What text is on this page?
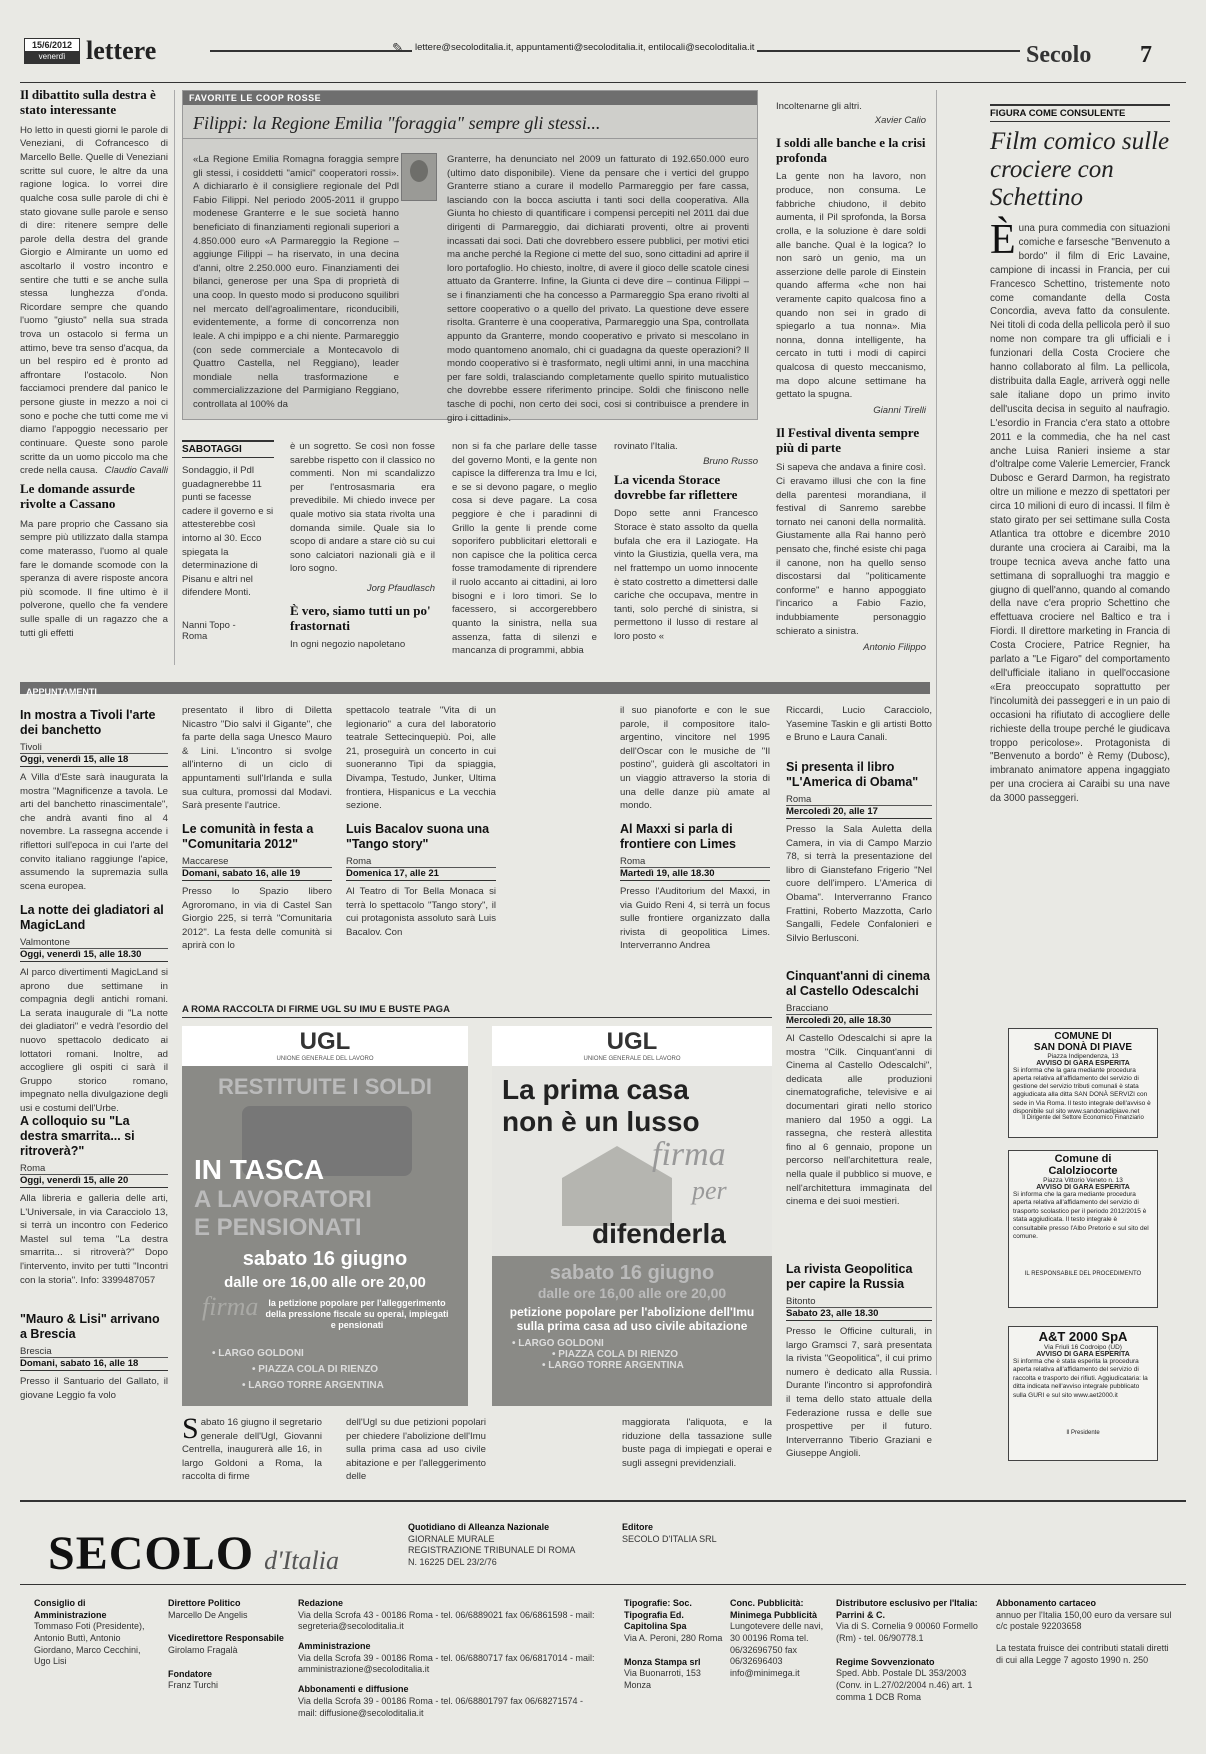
15/6/2012
venerdì lettere	✎	lettere@secoloditalia.it, appuntamenti@secoloditalia.it, entilocali@secoloditalia.it	Secolo 7
Il dibattito sulla destra è stato interessante
Ho letto in questi giorni le parole di Veneziani, di Cofrancesco di Marcello Belle. Quelle di Veneziani scritte sul cuore, le altre da una ragione logica. Io vorrei dire qualche cosa sulle parole di chi è stato giovane sulle parole e senso di dire: ritenere sempre delle parole della destra del grande Giorgio e Almirante un uomo ed ascoltarlo il vostro incontro e sentire che tutti e se anche sulla stessa lunghezza d'onda. Ricordare sempre che quando l'uomo "giusto" nella sua strada trova un ostacolo si ferma un attimo, beve tra senso d'acqua, da un bel respiro ed è pronto ad affrontare l'ostacolo. Non facciamoci prendere dal panico le persone giuste in mezzo a noi ci sono e poche che tutti come me vi diamo l'appoggio necessario per continuare. Queste sono parole scritte da un uomo piccolo ma che crede nella causa. Claudio Cavalli
Le domande assurde rivolte a Cassano
Ma pare proprio che Cassano sia sempre più utilizzato dalla stampa come materasso, l'uomo al quale fare le domande scomode con la speranza di avere risposte ancora più scomode. Il fine ultimo è il polverone, quello che fa vendere sulle spalle di un ragazzo che a tutti gli effetti
FAVORITE LE COOP ROSSE
Filippi: la Regione Emilia "foraggia" sempre gli stessi...
«La Regione Emilia Romagna foraggia sempre gli stessi, i cosiddetti "amici" cooperatori rossi». A dichiararlo è il consigliere regionale del Pdl Fabio Filippi. Nel periodo 2005-2011 il gruppo modenese Granterre e le sue società hanno beneficiato di finanziamenti regionali superiori a 4.850.000 euro «A Parmareggio la Regione – aggiunge Filippi – ha riservato, in una decina d'anni, oltre 2.250.000 euro. Finanziamenti dei bilanci, generose per una Spa di proprietà di una coop. In questo modo si producono squilibri nel mercato dell'agroalimentare, riconducibili, evidentemente, a forme di concorrenza non leale. A chi impippo e a chi niente. Parmareggio (con sede commerciale a Montecavolo di Quattro Castella, nel Reggiano), leader mondiale nella trasformazione e commercializzazione del Parmigiano Reggiano, controllata al 100% da
Granterre, ha denunciato nel 2009 un fatturato di 192.650.000 euro (ultimo dato disponibile). Viene da pensare che i vertici del gruppo Granterre stiano a curare il modello Parmareggio per fare cassa, lasciando con la bocca asciutta i tanti soci della cooperativa. Alla Giunta ho chiesto di quantificare i compensi percepiti nel 2011 dai due dirigenti di Parmareggio, dai dichiarati proventi, oltre ai proventi incassati dai soci. Dati che dovrebbero essere pubblici, per motivi etici ma anche perché la Regione ci mette del suo, sono cittadini ad aprire il loro portafoglio. Ho chiesto, inoltre, di avere il gioco delle scatole cinesi attuato da Granterre. Infine, la Giunta ci deve dire – continua Filippi – se i finanziamenti che ha concesso a Parmareggio Spa erano rivolti al settore cooperativo o a quello del privato. La questione deve essere risolta. Granterre è una cooperativa, Parmareggio una Spa, controllata appunto da Granterre, mondo cooperativo e privato si mescolano in modo quantomeno anomalo, chi ci guadagna da queste operazioni? Il mondo cooperativo si è trasformato, negli ultimi anni, in una macchina per fare soldi, tralasciando completamente quello spirito mutualistico che dovrebbe essere riferimento principe. Soldi che finiscono nelle tasche di pochi, non certo dei soci, cosi si contribuisce a prendere in giro i cittadini».
SABOTAGGI
Sondaggio, il Pdl guadagnerebbe 11 punti se facesse cadere il governo e si attesterebbe così intorno al 30. Ecco spiegata la determinazione di Pisanu e altri nel difendere Monti.
Nanni Topo - Roma
è un sogretto. Se così non fosse sarebbe rispetto con il classico no commenti. Non mi scandalizzo per l'entrosasmaria era prevedibile. Mi chiedo invece per quale motivo sia stata rivolta una domanda simile. Quale sia lo scopo di andare a stare ciò su cui sono calciatori nazionali già e il loro sogno.
Jorg Pfaudlasch
È vero, siamo tutti un po' frastornati
In ogni negozio napoletano
non si fa che parlare delle tasse del governo Monti, e la gente non capisce la differenza tra Imu e Ici, e se si devono pagare, o meglio cosa si deve pagare. La cosa peggiore è che i paradinni di Grillo la gente li prende come soporifero pubblicitari elettorali e non capisce che la politica cerca fosse tramodamente di riprendere il ruolo accanto ai cittadini, ai loro bisogni e i loro timori. Se lo facessero, si accorgerebbero quanto la sinistra, nella sua assenza, fatta di silenzi e mancanza di programmi, abbia
rovinato l'Italia.
Bruno Russo
La vicenda Storace dovrebbe far riflettere
Dopo sette anni Francesco Storace è stato assolto da quella bufala che era il Laziogate. Ha vinto la Giustizia, quella vera, ma nel frattempo un uomo innocente è stato costretto a dimettersi dalle cariche che occupava, mentre in tanti, solo perché di sinistra, si permettono il lusso di restare al loro posto «
Incoltenarne gli altri.
Xavier Calio
I soldi alle banche e la crisi profonda
La gente non ha lavoro, non produce, non consuma. Le fabbriche chiudono, il debito aumenta, il Pil sprofonda, la Borsa crolla, e la soluzione è dare soldi alle banche. Qual è la logica? Io non sarò un genio, ma un asserzione delle parole di Einstein quando afferma «che non hai veramente capito qualcosa fino a quando non sei in grado di spiegarlo a tua nonna». Mia nonna, donna intelligente, ha cercato in tutti i modi di capirci qualcosa di questo meccanismo, ma dopo alcune settimane ha gettato la spugna.
Gianni Tirelli
Il Festival diventa sempre più di parte
Si sapeva che andava a finire così. Ci eravamo illusi che con la fine della parentesi morandiana, il festival di Sanremo sarebbe tornato nei canoni della normalità. Giustamente alla Rai hanno però pensato che, finché esiste chi paga il canone, non ha quello senso discostarsi dal "politicamente conforme" e hanno appoggiato l'incarico a Fabio Fazio, indubbiamente personaggio schierato a sinistra.
Antonio Filippo
FIGURA COME CONSULENTE
Film comico sulle crociere con Schettino
Èuna pura commedia con situazioni comiche e farsesche "Benvenuto a bordo" il film di Eric Lavaine, campione di incassi in Francia, per cui Francesco Schettino, tristemente noto come comandante della Costa Concordia, aveva fatto da consulente. Nei titoli di coda della pellicola però il suo nome non compare tra gli ufficiali e i funzionari della Costa Crociere che hanno collaborato al film. La pellicola, distribuita dalla Eagle, arriverà oggi nelle sale italiane dopo un primo invito dell'uscita decisa in seguito al naufragio. L'esordio in Francia c'era stato a ottobre 2011 e la commedia, che ha nel cast anche Luisa Ranieri insieme a star d'oltralpe come Valerie Lemercier, Franck Dubosc e Gerard Darmon, ha registrato oltre un milione e mezzo di spettatori per circa 10 milioni di euro di incassi. Il film è stato girato per sei settimane sulla Costa Atlantica tra ottobre e dicembre 2010 durante una crociera ai Caraibi, ma la troupe tecnica aveva anche fatto una settimana di sopralluoghi tra maggio e giugno di quell'anno, quando al comando della nave c'era proprio Schettino che effettuava crociere nel Baltico e tra i Fiordi. Il direttore marketing in Francia di Costa Crociere, Patrice Regnier, ha parlato a "Le Figaro" del comportamento dell'ufficiale italiano in quell'occasione «Era preoccupato soprattutto per l'incolumità dei passeggeri e in un paio di occasioni ha rifiutato di accogliere delle richieste della troupe perché le giudicava troppo pericolose». Protagonista di "Benvenuto a bordo" è Remy (Dubosc), imbranato animatore appena ingaggiato per una crociera ai Caraibi su una nave da 3000 passeggeri.
APPUNTAMENTI
In mostra a Tivoli l'arte dei banchetto
Tivoli
Oggi, venerdì 15, alle 18
A Villa d'Este sarà inaugurata la mostra "Magnificenze a tavola. Le arti del banchetto rinascimentale", che andrà avanti fino al 4 novembre. La rassegna accende i riflettori sull'epoca in cui l'arte del convito italiano raggiunge l'apice, assumendo la supremazia sulla scena europea.
La notte dei gladiatori al MagicLand
Valmontone
Oggi, venerdì 15, alle 18.30
Al parco divertimenti MagicLand si aprono due settimane in compagnia degli antichi romani. La serata inaugurale di "La notte dei gladiatori" e vedrà l'esordio del nuovo spettacolo dedicato ai lottatori romani. Inoltre, ad accogliere gli ospiti ci sarà il Gruppo storico romano, impegnato nella divulgazione degli usi e costumi dell'Urbe.
A colloquio su "La destra smarrita... si ritroverà?"
Roma
Oggi, venerdì 15, alle 20
Alla libreria e galleria delle arti, L'Universale, in via Caracciolo 13, si terrà un incontro con Federico Mastel sul tema "La destra smarrita... si ritroverà?" Dopo l'intervento, invito per tutti "Incontri con la storia". Info: 3399487057
"Mauro & Lisi" arrivano a Brescia
Brescia
Domani, sabato 16, alle 18
Presso il Santuario del Gallato, il giovane Leggio fa volo
presentato il libro di Diletta Nicastro "Dio salvi il Gigante", che fa parte della saga Unesco Mauro & Lini. L'incontro si svolge all'interno di un ciclo di appuntamenti sull'Irlanda e sulla sua cultura, promossi dal Modavi. Sarà presente l'autrice.
Le comunità in festa a "Comunitaria 2012"
Maccarese
Domani, sabato 16, alle 19
Presso lo Spazio libero Agroromano, in via di Castel San Giorgio 225, si terrà "Comunitaria 2012". La festa delle comunità si aprirà con lo
spettacolo teatrale "Vita di un legionario" a cura del laboratorio teatrale Settecinquepiù. Poi, alle 21, proseguirà un concerto in cui suoneranno Tipi da spiaggia, Divampa, Testudo, Junker, Ultima frontiera, Hispanicus e La vecchia sezione.
Luis Bacalov suona una "Tango story"
Roma
Domenica 17, alle 21
Al Teatro di Tor Bella Monaca si terrà lo spettacolo "Tango story", il cui protagonista assoluto sarà Luis Bacalov. Con
il suo pianoforte e con le sue parole, il compositore italo-argentino, vincitore nel 1995 dell'Oscar con le musiche de "Il postino", guiderà gli ascoltatori in un viaggio attraverso la storia di una delle danze più amate al mondo.
Al Maxxi si parla di frontiere con Limes
Roma
Martedì 19, alle 18.30
Presso l'Auditorium del Maxxi, in via Guido Reni 4, si terrà un focus sulle frontiere organizzato dalla rivista di geopolitica Limes. Interverranno Andrea
Riccardi, Lucio Caracciolo, Yasemine Taskin e gli artisti Botto e Bruno e Laura Canali.
Si presenta il libro "L'America di Obama"
Roma
Mercoledì 20, alle 17
Presso la Sala Auletta della Camera, in via di Campo Marzio 78, si terrà la presentazione del libro di Gianstefano Frigerio "Nel cuore dell'impero. L'America di Obama". Interverranno Franco Frattini, Roberto Mazzotta, Carlo Sangalli, Fedele Confalonieri e Silvio Berlusconi.
Cinquant'anni di cinema al Castello Odescalchi
Bracciano
Mercoledì 20, alle 18.30
Al Castello Odescalchi si apre la mostra "Cilk. Cinquant'anni di Cinema al Castello Odescalchi", dedicata alle produzioni cinematografiche, televisive e ai documentari girati nello storico maniero dal 1950 a oggi. La rassegna, che resterà allestita fino al 6 gennaio, propone un percorso nell'architettura reale, nella quale il pubblico si muove, e nell'architettura immaginata del cinema e dei suoi mestieri.
La rivista Geopolitica per capire la Russia
Bitonto
Sabato 23, alle 18.30
Presso le Officine culturali, in largo Gramsci 7, sarà presentata la rivista "Geopolitica", il cui primo numero è dedicato alla Russia. Durante l'incontro si approfondirà il tema dello stato attuale della Federazione russa e delle sue prospettive per il futuro. Interverranno Tiberio Graziani e Giuseppe Angioli.
A ROMA RACCOLTA DI FIRME UGL SU IMU E BUSTE PAGA
UGL
UNIONE GENERALE DEL LAVORO
RESTITUITE I SOLDI
IN TASCA
A LAVORATORI
E PENSIONATI
sabato 16 giugno
dalle ore 16,00 alle ore 20,00
firma	la petizione popolare per l'alleggerimento della pressione fiscale su operai, impiegati e pensionati
• LARGO GOLDONI
• PIAZZA COLA DI RIENZO
• LARGO TORRE ARGENTINA
UGL
UNIONE GENERALE DEL LAVORO
La prima casa
non è un lusso
firma
per
difenderla
sabato 16 giugno
dalle ore 16,00 alle ore 20,00
petizione popolare per l'abolizione dell'Imu sulla prima casa ad uso civile abitazione
• LARGO GOLDONI
• PIAZZA COLA DI RIENZO
• LARGO TORRE ARGENTINA
Sabato 16 giugno il segretario generale dell'Ugl, Giovanni Centrella, inaugurerà alle 16, in largo Goldoni a Roma, la raccolta di firme
dell'Ugl su due petizioni popolari per chiedere l'abolizione dell'Imu sulla prima casa ad uso civile abitazione e per l'alleggerimento delle
maggiorata l'aliquota, e la riduzione della tassazione sulle buste paga di impiegati e operai e sugli assegni previdenziali.
COMUNE DI
SAN DONÀ DI PIAVE
Piazza Indipendenza, 13
AVVISO DI GARA ESPERITA
Si informa che la gara mediante procedura aperta relativa all'affidamento del servizio di gestione del servizio tributi comunali è stata aggiudicata alla ditta SAN DONÀ SERVIZI con sede in Via Roma. Il testo integrale dell'avviso è disponibile sul sito www.sandonadipiave.net
Il Dirigente del Settore Economico Finanziario
Comune di
Calolziocorte
Piazza Vittorio Veneto n. 13
AVVISO DI GARA ESPERITA
Si informa che la gara mediante procedura aperta relativa all'affidamento del servizio di trasporto scolastico per il periodo 2012/2015 è stata aggiudicata. Il testo integrale è consultabile presso l'Albo Pretorio e sul sito del comune.
IL RESPONSABILE DEL PROCEDIMENTO
A&T 2000 SpA
Via Friuli 16 Codroipo (UD)
AVVISO DI GARA ESPERITA
Si informa che è stata esperita la procedura aperta relativa all'affidamento del servizio di raccolta e trasporto dei rifiuti. Aggiudicataria: la ditta indicata nell'avviso integrale pubblicato sulla GURI e sul sito www.aet2000.it
Il Presidente
SECOLO d'Italia
Quotidiano di Alleanza Nazionale
GIORNALE MURALE
REGISTRAZIONE TRIBUNALE DI ROMA
N. 16225 DEL 23/2/76
Editore
SECOLO D'ITALIA SRL
Consiglio di Amministrazione
Tommaso Foti (Presidente), Antonio Buttì, Antonio Giordano, Marco Cecchini, Ugo Lisi
Direttore Politico
Marcello De Angelis
Vicedirettore Responsabile
Girolamo Fragalà
Fondatore
Franz Turchi
Redazione
Via della Scrofa 43 - 00186 Roma - tel. 06/6889021 fax 06/6861598 - mail: segreteria@secoloditalia.it
Amministrazione
Via della Scrofa 39 - 00186 Roma - tel. 06/6880717 fax 06/6817014 - mail: amministrazione@secoloditalia.it
Abbonamenti e diffusione
Via della Scrofa 39 - 00186 Roma - tel. 06/68801797 fax 06/68271574 - mail: diffusione@secoloditalia.it
Tipografie: Soc. Tipografia Ed. Capitolina Spa
Via A. Peroni, 280 Roma
Monza Stampa srl
Via Buonarroti, 153 Monza
Conc. Pubblicità: Minimega Pubblicità
Lungotevere delle navi, 30 00196 Roma tel. 06/32696750 fax 06/32696403 info@minimega.it
Distributore esclusivo per l'Italia: Parrini & C.
Via di S. Cornelia 9 00060 Formello (Rm) - tel. 06/90778.1
Regime Sovvenzionato
Sped. Abb. Postale DL 353/2003 (Conv. in L.27/02/2004 n.46) art. 1 comma 1 DCB Roma
Abbonamento cartaceo
annuo per l'Italia 150,00 euro da versare sul c/c postale 92203658
La testata fruisce dei contributi statali diretti di cui alla Legge 7 agosto 1990 n. 250
